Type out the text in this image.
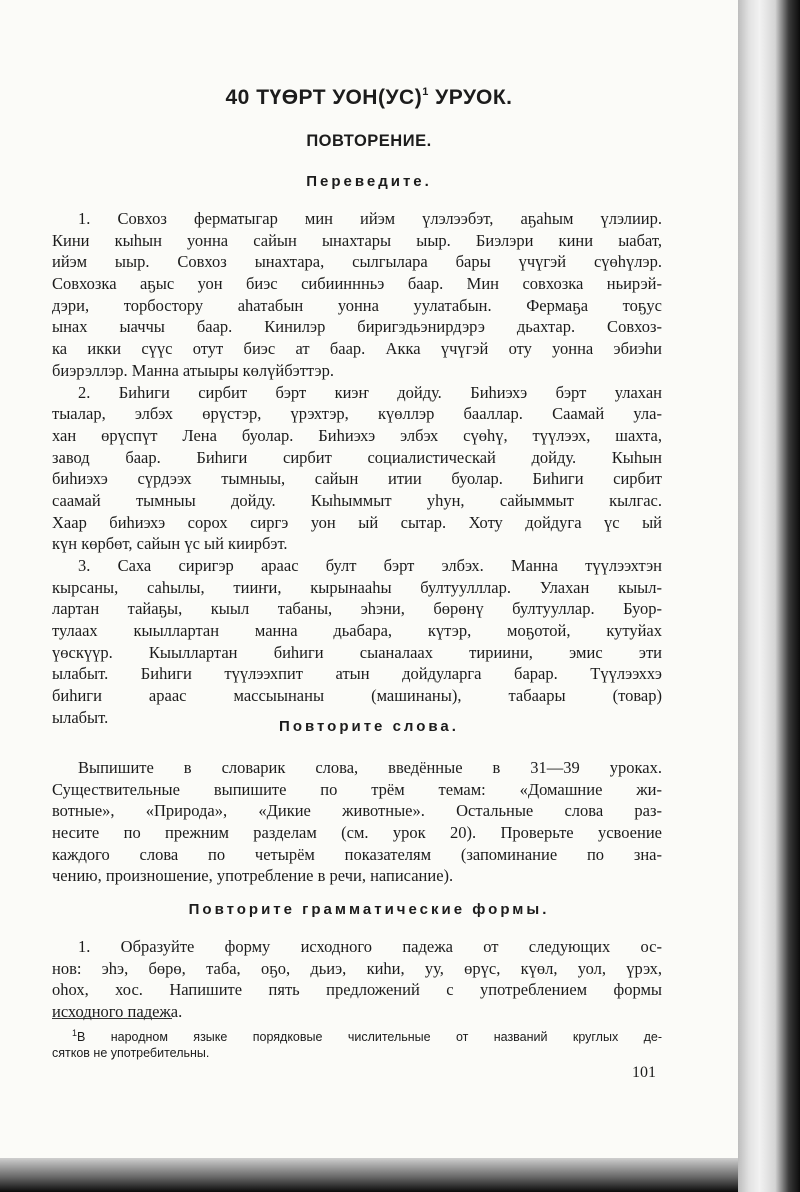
40 ТҮӨРТ УОН(УС)$^1$ УРУОК.
ПОВТОРЕНИЕ.
Переведите.
1. Совхоз ферматыгар мин ийэм үлэлээбэт, аҕаһым үлэлиир.
Кини кыһын уонна сайын ынахтары ыыр. Биэлэри кини ыабат,
ийэм ыыр. Совхоз ынахтара, сылгылара бары үчүгэй сүөһүлэр.
Совхозка аҕыс уон биэс сибииннньэ баар. Мин совхозка ньирэй-
дэри, торбостору аһатабын уонна уулатабын. Фермаҕа тоҕус
ынах ыаччы баар. Кинилэр биригэдьэнирдэрэ дьахтар. Совхоз-
ка икки сүүс отут биэс ат баар. Акка үчүгэй оту уонна эбиэһи
биэрэллэр. Манна атыыры көлүйбэттэр.
2. Биһиги сирбит бэрт киэҥ дойду. Биһиэхэ бэрт улахан
тыалар, элбэх өрүстэр, үрэхтэр, күөллэр бааллар. Саамай ула-
хан өрүспүт Лена буолар. Биһиэхэ элбэх сүөһү, түүлээх, шахта,
завод баар. Биһиги сирбит социалистическай дойду. Кыһын
биһиэхэ сүрдээх тымныы, сайын итии буолар. Биһиги сирбит
саамай тымныы дойду. Кыһыммыт уһун, сайыммыт кылгас.
Хаар биһиэхэ сорох сиргэ уон ый сытар. Хоту дойдуга үс ый
күн көрбөт, сайын үс ый киирбэт.
3. Саха сиригэр араас булт бэрт элбэх. Манна түүлээхтэн
кырсаны, саһылы, тииҥи, кырынааһы бултуулллар. Улахан кыыл-
лартан тайаҕы, кыыл табаны, эһэни, бөрөнү бултууллар. Буор-
тулаах кыыллартан манна дьабара, күтэр, моҕотой, кутуйах
үөскүүр. Кыыллартан биһиги сыаналаах тириини, эмис эти
ылабыт. Биһиги түүлээхпит атын дойдуларга барар. Түүлээххэ
биһиги араас массыынаны (машинаны), табаары (товар)
ылабыт.	Повторите слова.
Выпишите в словарик слова, введённые в 31—39 уроках.
Существительные выпишите по трём темам: «Домашние жи-
вотные», «Природа», «Дикие животные». Остальные слова раз-
несите по прежним разделам (см. урок 20). Проверьте усвоение
каждого слова по четырём показателям (запоминание по зна-
чению, произношение, употребление в речи, написание).
Повторите грамматические формы.
1. Образуйте форму исходного падежа от следующих ос-
нов: эһэ, бөрө, таба, оҕо, дьиэ, киһи, уу, өрүс, күөл, уол, үрэх,
оһох, хос. Напишите пять предложений с употреблением формы
исходного падежа.
$^1$В народном языке порядковые числительные от названий круглых де-
сятков не употребительны.
101
